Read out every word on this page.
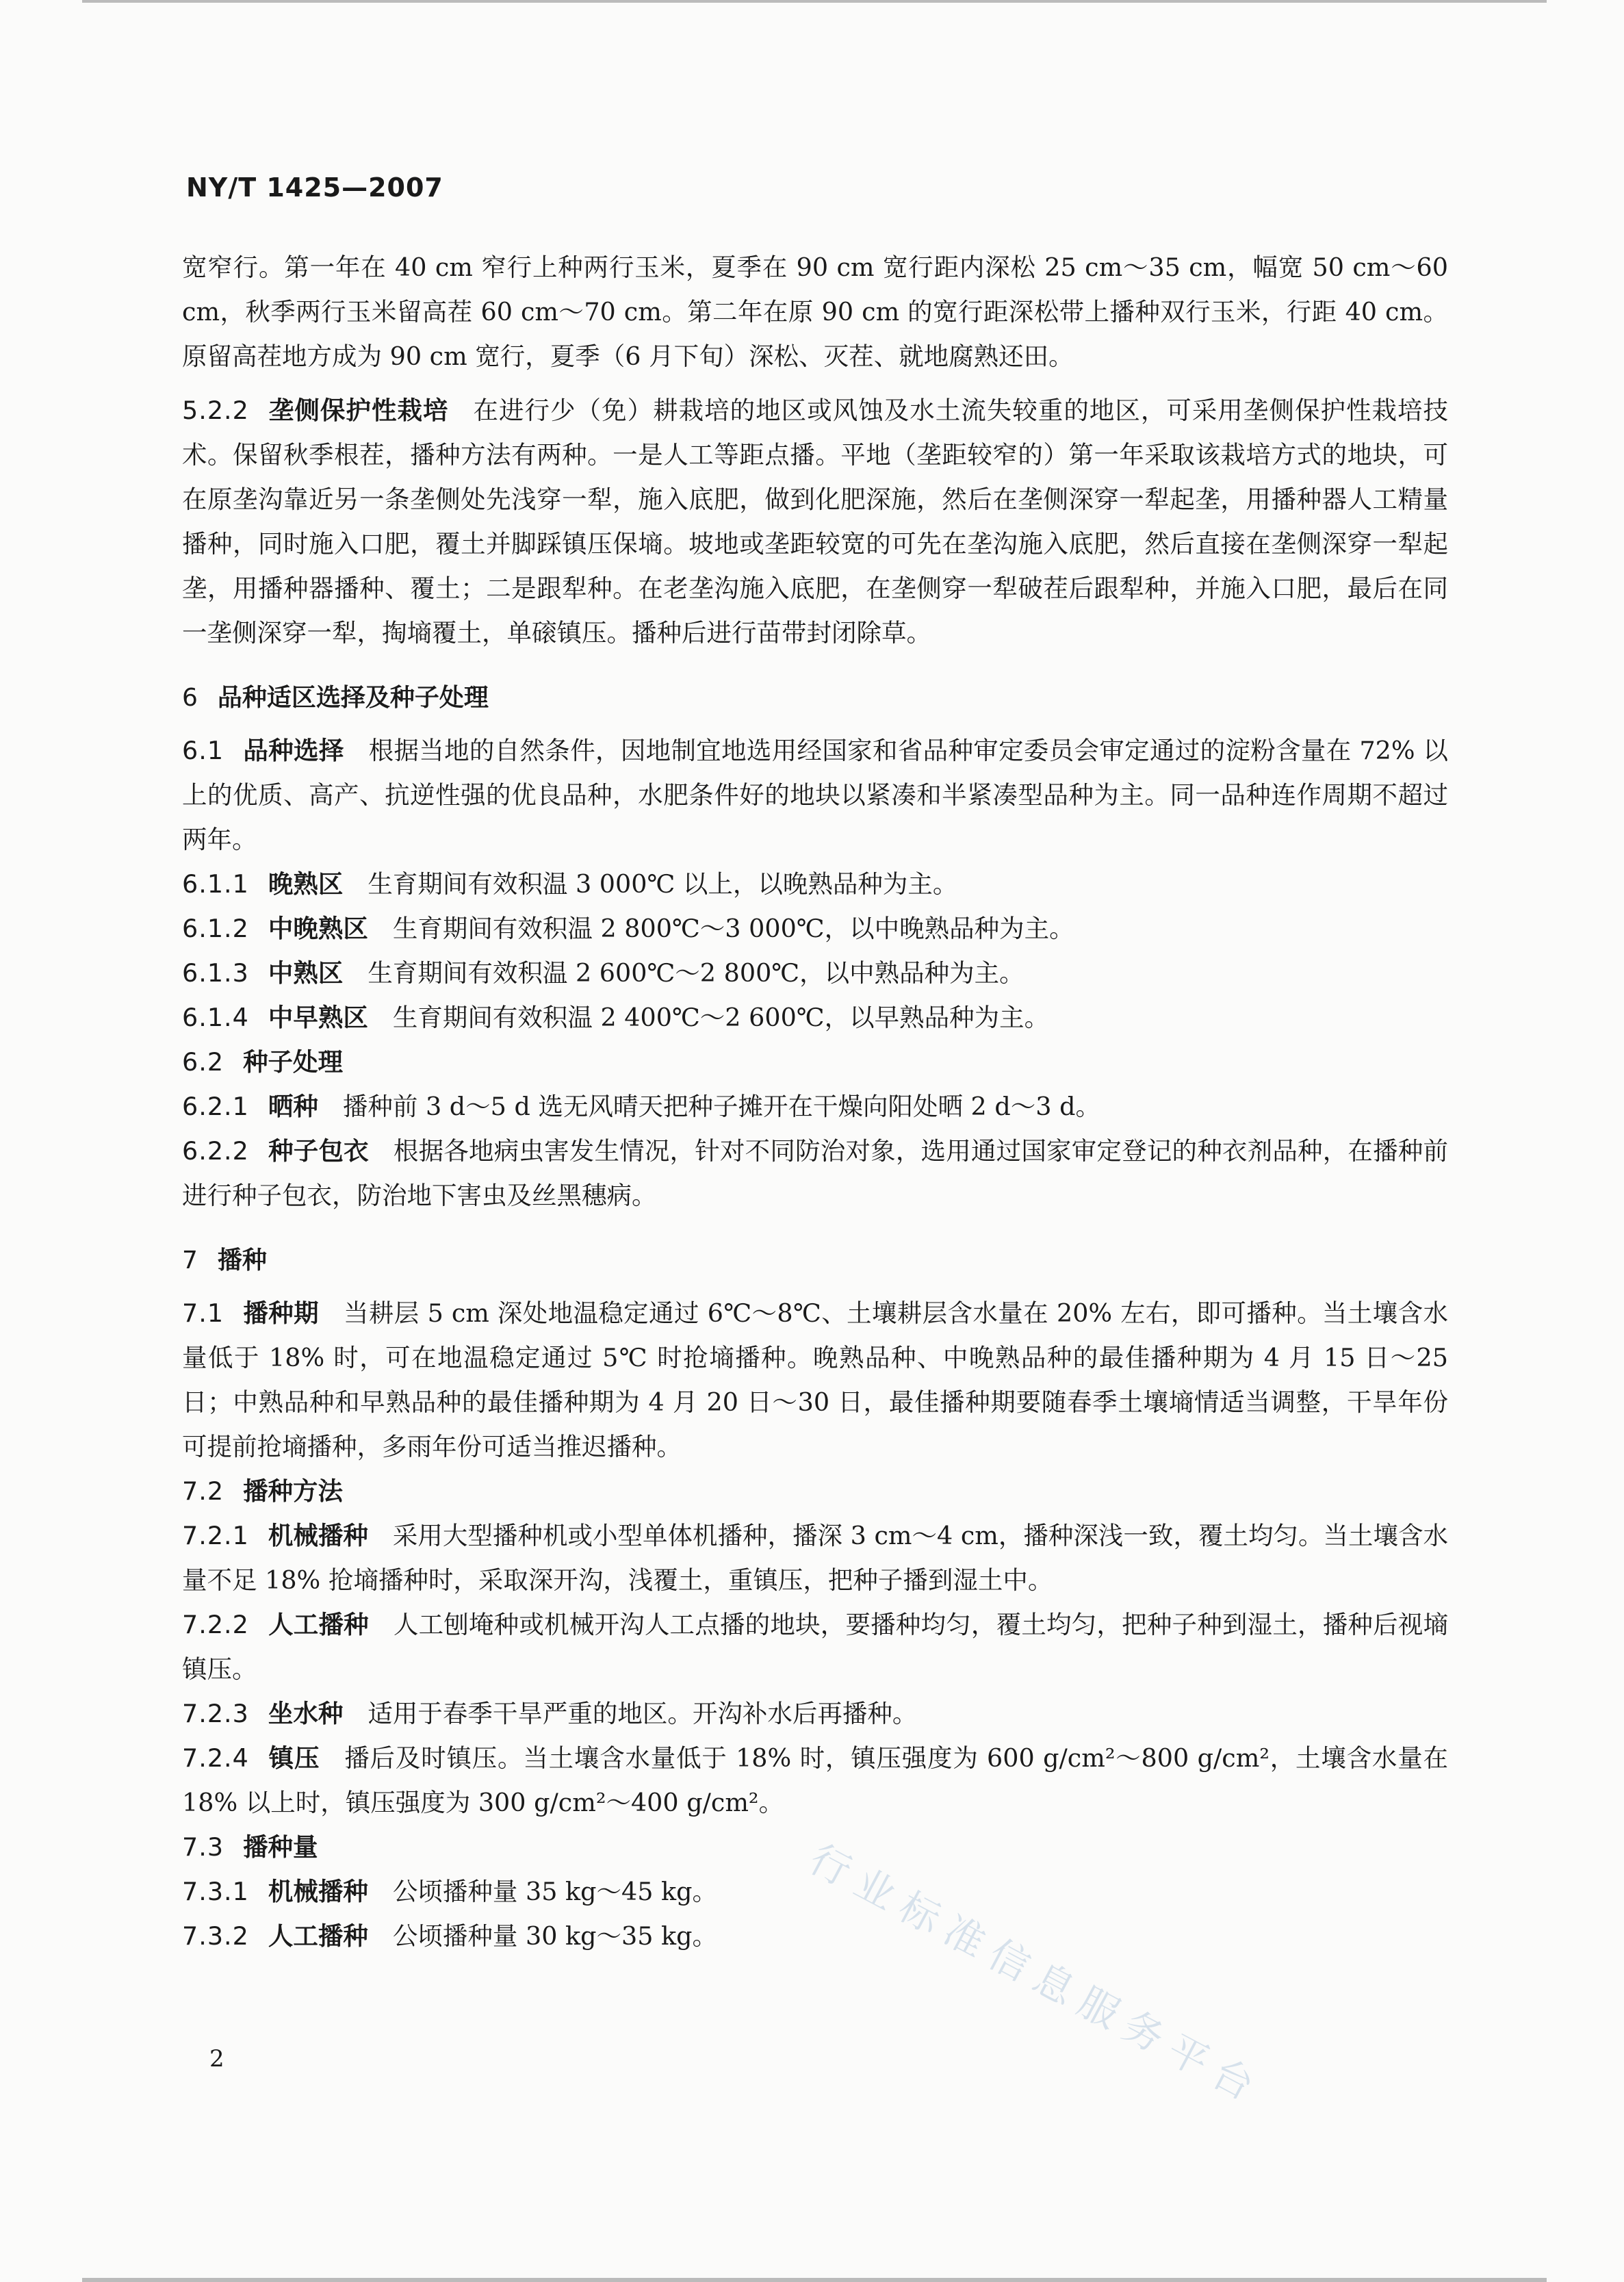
NY/T 1425—2007

宽窄行。第一年在 40 cm 窄行上种两行玉米，夏季在 90 cm 宽行距内深松 25 cm～35 cm，幅宽 50 cm～60 cm，秋季两行玉米留高茬 60 cm～70 cm。第二年在原 90 cm 的宽行距深松带上播种双行玉米，行距 40 cm。原留高茬地方成为 90 cm 宽行，夏季（6 月下旬）深松、灭茬、就地腐熟还田。

5.2.2 垄侧保护性栽培 在进行少（免）耕栽培的地区或风蚀及水土流失较重的地区，可采用垄侧保护性栽培技术。保留秋季根茬，播种方法有两种。一是人工等距点播。平地（垄距较窄的）第一年采取该栽培方式的地块，可在原垄沟靠近另一条垄侧处先浅穿一犁，施入底肥，做到化肥深施，然后在垄侧深穿一犁起垄，用播种器人工精量播种，同时施入口肥，覆土并脚踩镇压保墒。坡地或垄距较宽的可先在垄沟施入底肥，然后直接在垄侧深穿一犁起垄，用播种器播种、覆土；二是跟犁种。在老垄沟施入底肥，在垄侧穿一犁破茬后跟犁种，并施入口肥，最后在同一垄侧深穿一犁，掏墒覆土，单磙镇压。播种后进行苗带封闭除草。

6 品种适区选择及种子处理

6.1 品种选择 根据当地的自然条件，因地制宜地选用经国家和省品种审定委员会审定通过的淀粉含量在 72% 以上的优质、高产、抗逆性强的优良品种，水肥条件好的地块以紧凑和半紧凑型品种为主。同一品种连作周期不超过两年。

6.1.1 晚熟区 生育期间有效积温 3 000℃ 以上，以晚熟品种为主。

6.1.2 中晚熟区 生育期间有效积温 2 800℃～3 000℃，以中晚熟品种为主。

6.1.3 中熟区 生育期间有效积温 2 600℃～2 800℃，以中熟品种为主。

6.1.4 中早熟区 生育期间有效积温 2 400℃～2 600℃，以早熟品种为主。

6.2 种子处理

6.2.1 晒种 播种前 3 d～5 d 选无风晴天把种子摊开在干燥向阳处晒 2 d～3 d。

6.2.2 种子包衣 根据各地病虫害发生情况，针对不同防治对象，选用通过国家审定登记的种衣剂品种，在播种前进行种子包衣，防治地下害虫及丝黑穗病。

7 播种

7.1 播种期 当耕层 5 cm 深处地温稳定通过 6℃～8℃、土壤耕层含水量在 20% 左右，即可播种。当土壤含水量低于 18% 时，可在地温稳定通过 5℃ 时抢墒播种。晚熟品种、中晚熟品种的最佳播种期为 4 月 15 日～25 日；中熟品种和早熟品种的最佳播种期为 4 月 20 日～30 日，最佳播种期要随春季土壤墒情适当调整，干旱年份可提前抢墒播种，多雨年份可适当推迟播种。

7.2 播种方法

7.2.1 机械播种 采用大型播种机或小型单体机播种，播深 3 cm～4 cm，播种深浅一致，覆土均匀。当土壤含水量不足 18% 抢墒播种时，采取深开沟，浅覆土，重镇压，把种子播到湿土中。

7.2.2 人工播种 人工刨埯种或机械开沟人工点播的地块，要播种均匀，覆土均匀，把种子种到湿土，播种后视墒镇压。

7.2.3 坐水种 适用于春季干旱严重的地区。开沟补水后再播种。

7.2.4 镇压 播后及时镇压。当土壤含水量低于 18% 时，镇压强度为 600 g/cm²～800 g/cm²，土壤含水量在 18% 以上时，镇压强度为 300 g/cm²～400 g/cm²。

7.3 播种量

7.3.1 机械播种 公顷播种量 35 kg～45 kg。

7.3.2 人工播种 公顷播种量 30 kg～35 kg。	行业标准信息服务平台
2
